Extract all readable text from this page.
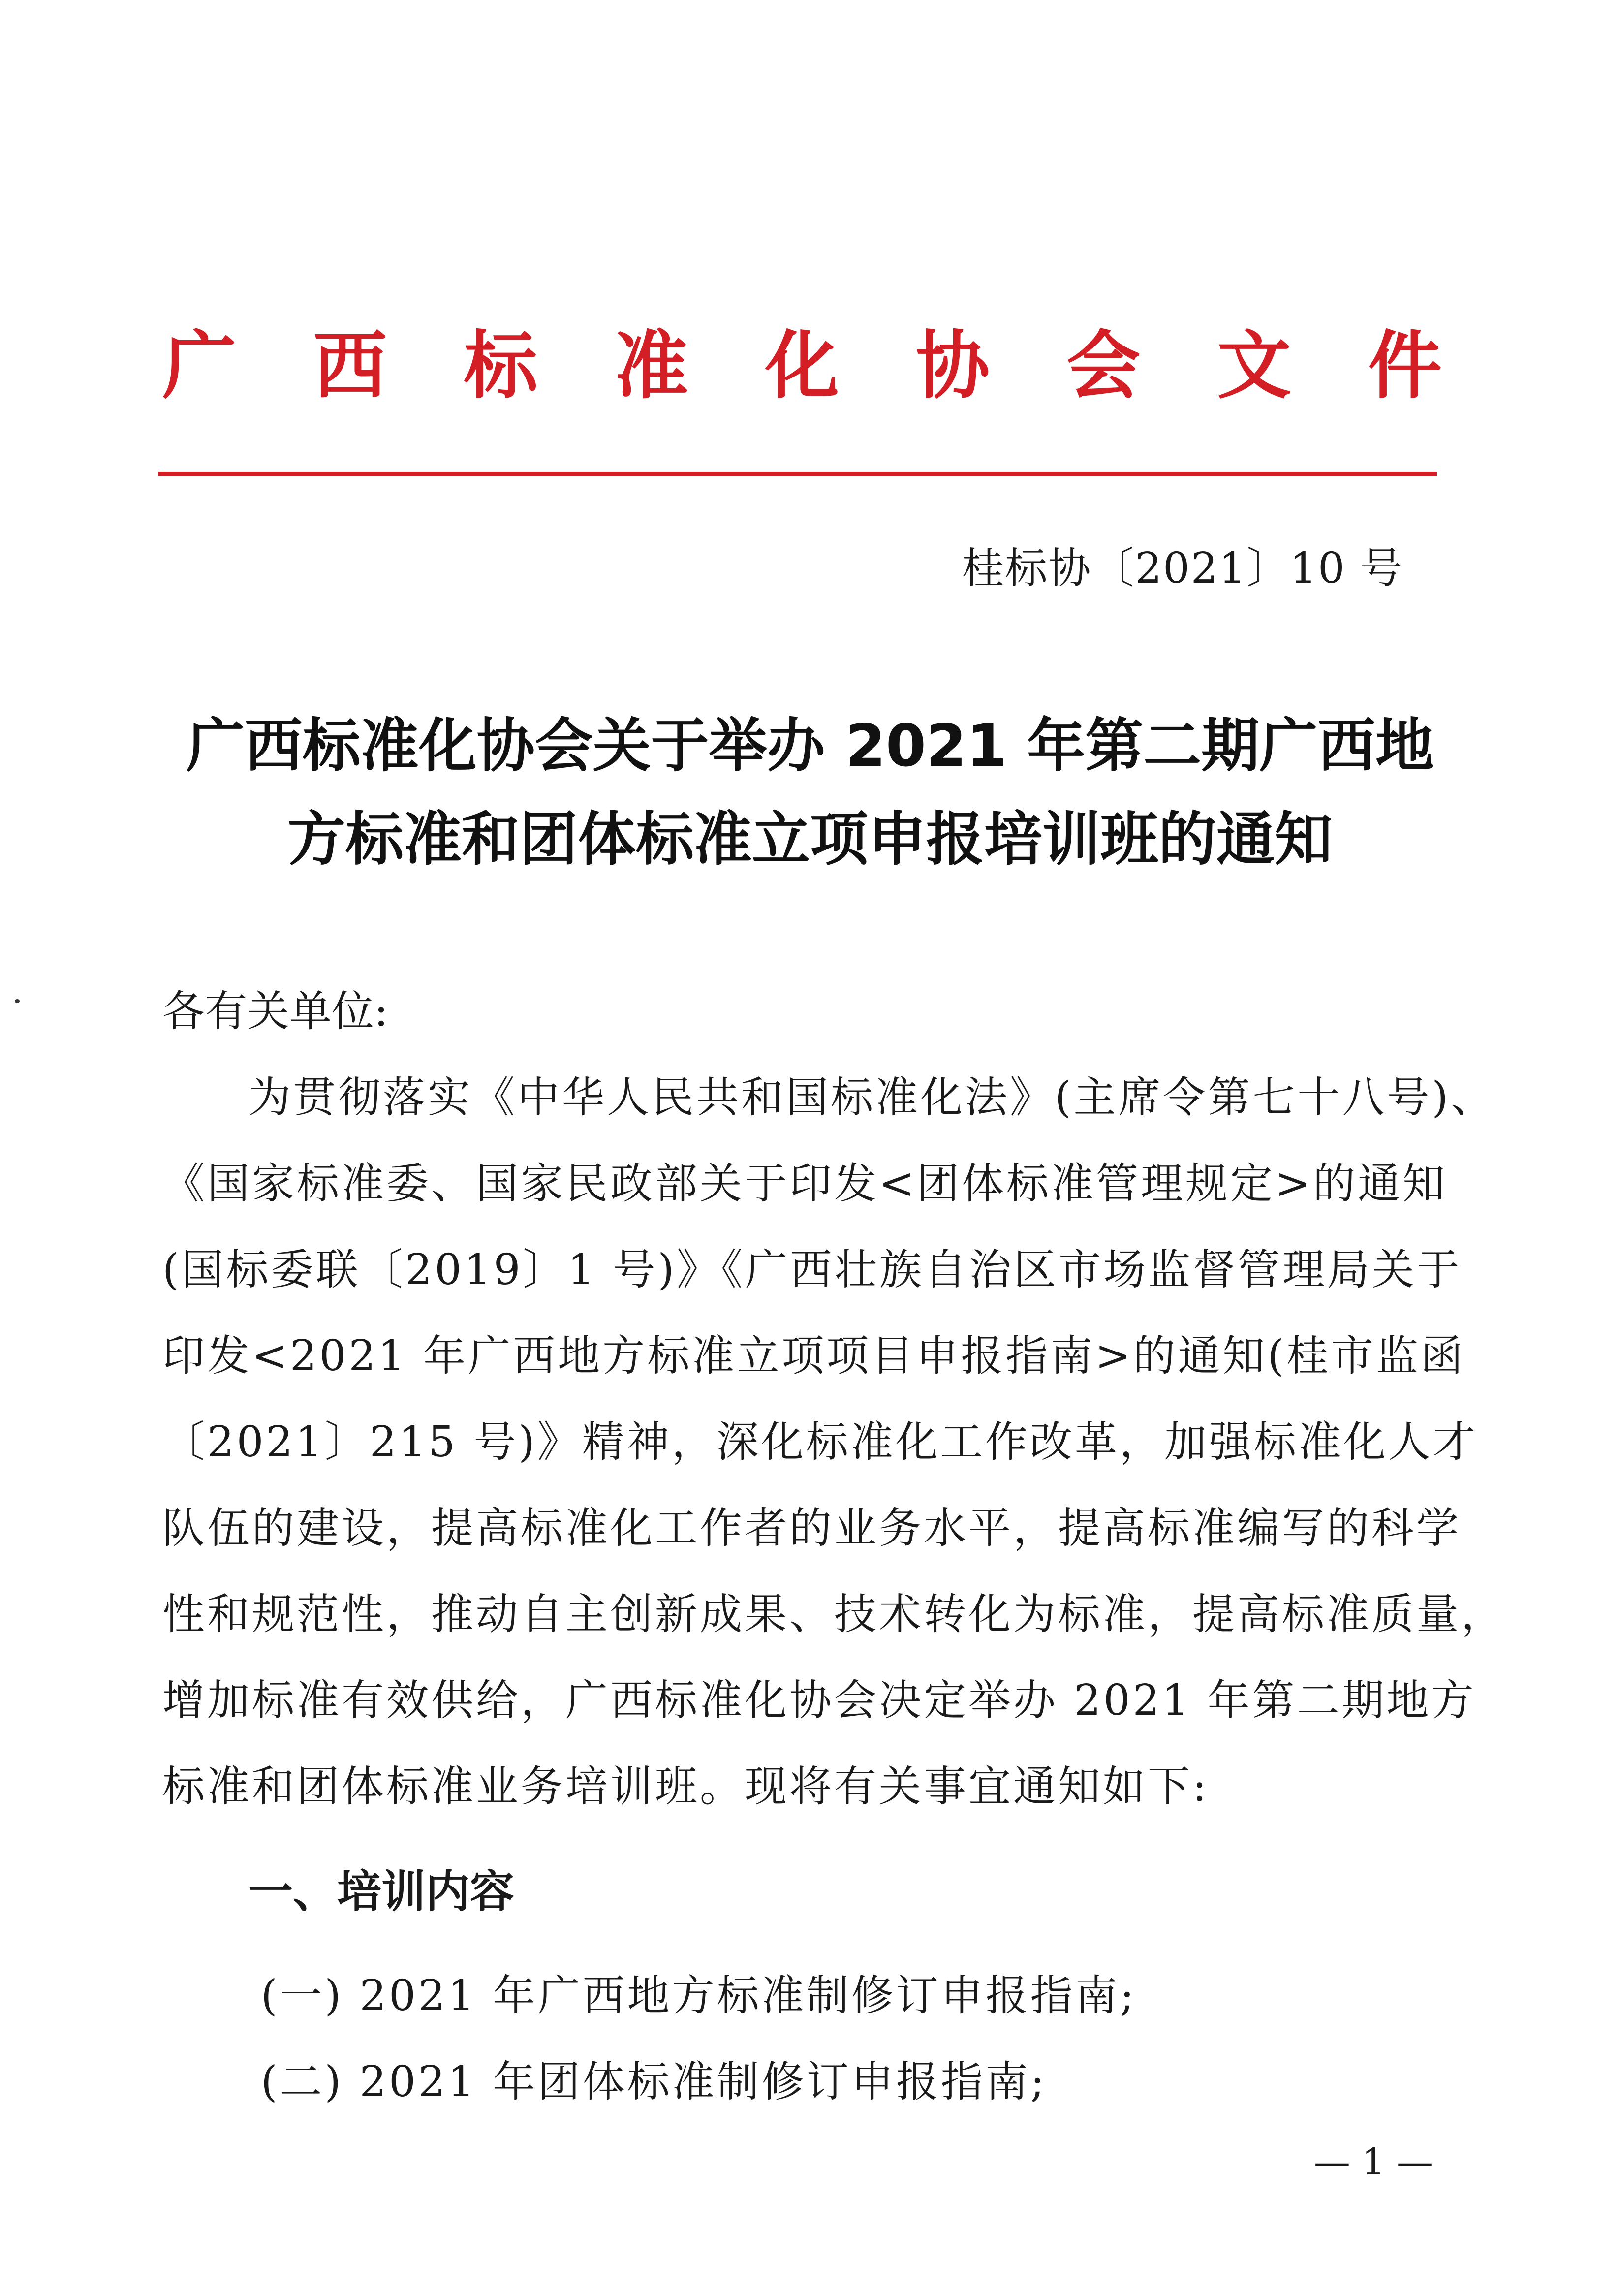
广 西 标 准 化 协 会 文 件
桂标协〔2021〕10 号
广西标准化协会关于举办 2021 年第二期广西地
方标准和团体标准立项申报培训班的通知
各有关单位:
为贯彻落实《中华人民共和国标准化法》(主席令第七十八号)、
《国家标准委、国家民政部关于印发<团体标准管理规定>的通知
(国标委联〔2019〕1 号)》《广西壮族自治区市场监督管理局关于
印发<2021 年广西地方标准立项项目申报指南>的通知(桂市监函
〔2021〕215 号)》精神，深化标准化工作改革，加强标准化人才
队伍的建设，提高标准化工作者的业务水平，提高标准编写的科学
性和规范性，推动自主创新成果、技术转化为标准，提高标准质量，
增加标准有效供给，广西标准化协会决定举办 2021 年第二期地方
标准和团体标准业务培训班。现将有关事宜通知如下:
一、培训内容
(一) 2021 年广西地方标准制修订申报指南;
(二) 2021 年团体标准制修订申报指南;
— 1 —
